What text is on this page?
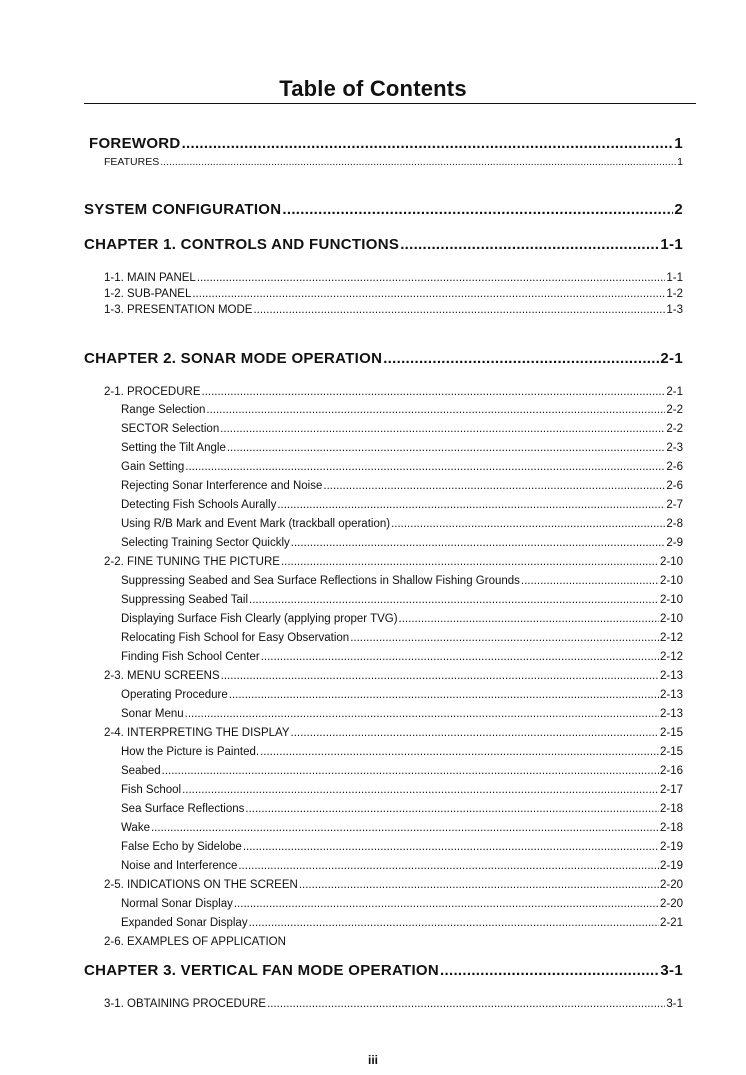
Table of Contents
FOREWORD .....	1
FEATURES .....	1
SYSTEM CONFIGURATION .....	2
CHAPTER 1. CONTROLS AND FUNCTIONS .....	1-1
1-1. MAIN PANEL .....	1-1
1-2. SUB-PANEL .....	1-2
1-3. PRESENTATION MODE .....	1-3
CHAPTER 2. SONAR MODE OPERATION .....	2-1
2-1. PROCEDURE .....	2-1
Range Selection .....	2-2
SECTOR Selection .....	2-2
Setting the Tilt Angle .....	2-3
Gain Setting .....	2-6
Rejecting Sonar Interference and Noise .....	2-6
Detecting Fish Schools Aurally .....	2-7
Using R/B Mark and Event Mark (trackball operation) .....	2-8
Selecting Training Sector Quickly .....	2-9
2-2. FINE TUNING THE PICTURE .....	2-10
Suppressing Seabed and Sea Surface Reflections in Shallow Fishing Grounds .....	2-10
Suppressing Seabed Tail .....	2-10
Displaying Surface Fish Clearly (applying proper TVG) .....	2-10
Relocating Fish School for Easy Observation .....	2-12
Finding Fish School Center .....	2-12
2-3. MENU SCREENS .....	2-13
Operating Procedure .....	2-13
Sonar Menu .....	2-13
2-4. INTERPRETING THE DISPLAY .....	2-15
How the Picture is Painted. .....	2-15
Seabed .....	2-16
Fish School .....	2-17
Sea Surface Reflections .....	2-18
Wake .....	2-18
False Echo by Sidelobe .....	2-19
Noise and Interference .....	2-19
2-5. INDICATIONS ON THE SCREEN .....	2-20
Normal Sonar Display .....	2-20
Expanded Sonar Display .....	2-21
2-6. EXAMPLES OF APPLICATION
CHAPTER 3. VERTICAL FAN MODE OPERATION .....	3-1
3-1. OBTAINING PROCEDURE .....	3-1
iii
